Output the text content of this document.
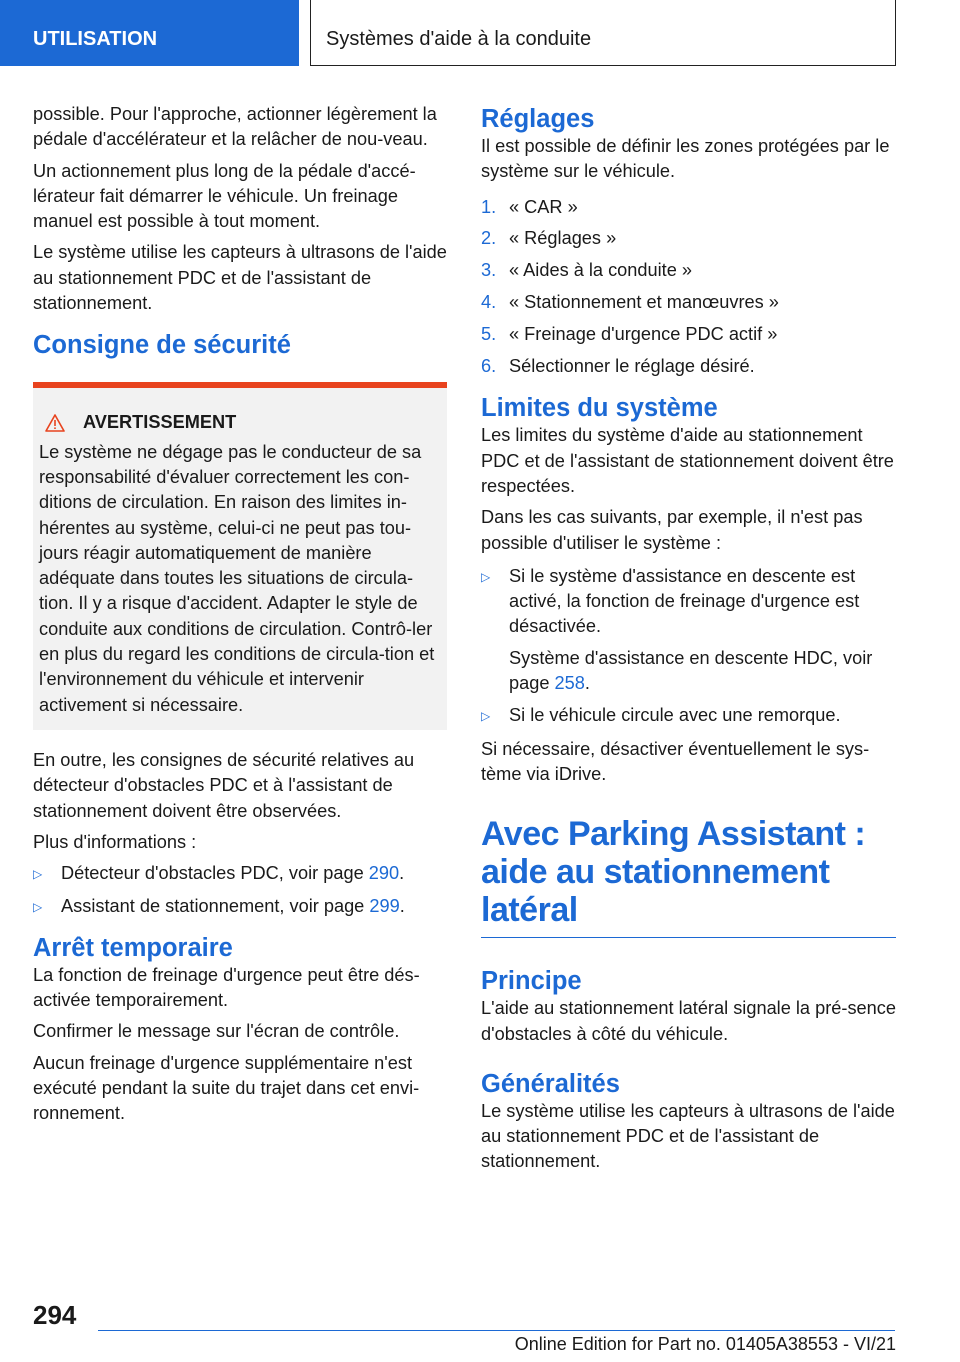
UTILISATION	Systèmes d'aide à la conduite

possible. Pour l'approche, actionner légèrement la pédale d'accélérateur et la relâcher de nou-veau.

Un actionnement plus long de la pédale d'accé-lérateur fait démarrer le véhicule. Un freinage manuel est possible à tout moment.

Le système utilise les capteurs à ultrasons de l'aide au stationnement PDC et de l'assistant de stationnement.

Consigne de sécurité
AVERTISSEMENT
Le système ne dégage pas le conducteur de sa responsabilité d'évaluer correctement les con-ditions de circulation. En raison des limites in-hérentes au système, celui-ci ne peut pas tou-jours réagir automatiquement de manière adéquate dans toutes les situations de circula-tion. Il y a risque d'accident. Adapter le style de conduite aux conditions de circulation. Contrô-ler en plus du regard les conditions de circula-tion et l'environnement du véhicule et intervenir activement si nécessaire.

En outre, les consignes de sécurité relatives au détecteur d'obstacles PDC et à l'assistant de stationnement doivent être observées.

Plus d'informations :

▷	Détecteur d'obstacles PDC, voir page 290.
▷	Assistant de stationnement, voir page 299.
Arrêt temporaire

La fonction de freinage d'urgence peut être dés-activée temporairement.

Confirmer le message sur l'écran de contrôle.

Aucun freinage d'urgence supplémentaire n'est exécuté pendant la suite du trajet dans cet envi-ronnement.

Réglages

Il est possible de définir les zones protégées par le système sur le véhicule.

1. « CAR »
2. « Réglages »
3. « Aides à la conduite »
4. « Stationnement et manœuvres »
5. « Freinage d'urgence PDC actif »
6. Sélectionner le réglage désiré.
Limites du système

Les limites du système d'aide au stationnement PDC et de l'assistant de stationnement doivent être respectées.

Dans les cas suivants, par exemple, il n'est pas possible d'utiliser le système :

▷	Si le système d'assistance en descente est activé, la fonction de freinage d'urgence est désactivée.
Système d'assistance en descente HDC, voir page 258.
▷	Si le véhicule circule avec une remorque.

Si nécessaire, désactiver éventuellement le sys-tème via iDrive.

Avec Parking Assistant : aide au stationnement latéral
Principe

L'aide au stationnement latéral signale la pré-sence d'obstacles à côté du véhicule.

Généralités

Le système utilise les capteurs à ultrasons de l'aide au stationnement PDC et de l'assistant de stationnement.

294
Online Edition for Part no. 01405A38553 - VI/21
